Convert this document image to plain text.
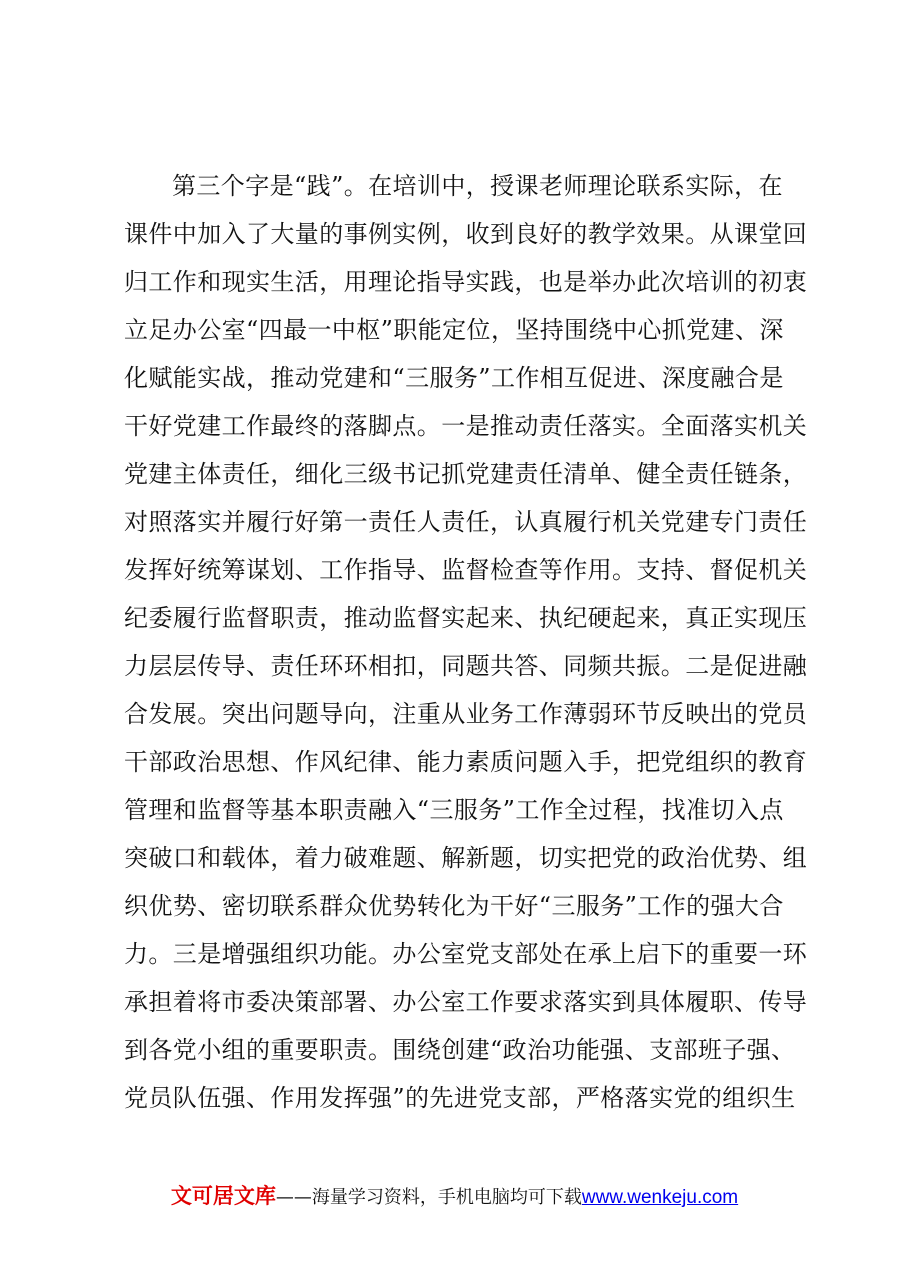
第三个字是“践”。在培训中，授课老师理论联系实际，在
课件中加入了大量的事例实例，收到良好的教学效果。从课堂回
归工作和现实生活，用理论指导实践，也是举办此次培训的初衷
立足办公室“四最一中枢”职能定位，坚持围绕中心抓党建、深
化赋能实战，推动党建和“三服务”工作相互促进、深度融合是
干好党建工作最终的落脚点。一是推动责任落实。全面落实机关
党建主体责任，细化三级书记抓党建责任清单、健全责任链条，
对照落实并履行好第一责任人责任，认真履行机关党建专门责任
发挥好统筹谋划、工作指导、监督检查等作用。支持、督促机关
纪委履行监督职责，推动监督实起来、执纪硬起来，真正实现压
力层层传导、责任环环相扣，同题共答、同频共振。二是促进融
合发展。突出问题导向，注重从业务工作薄弱环节反映出的党员
干部政治思想、作风纪律、能力素质问题入手，把党组织的教育
管理和监督等基本职责融入“三服务”工作全过程，找准切入点
突破口和载体，着力破难题、解新题，切实把党的政治优势、组
织优势、密切联系群众优势转化为干好“三服务”工作的强大合
力。三是增强组织功能。办公室党支部处在承上启下的重要一环
承担着将市委决策部署、办公室工作要求落实到具体履职、传导
到各党小组的重要职责。围绕创建“政治功能强、支部班子强、
党员队伍强、作用发挥强”的先进党支部，严格落实党的组织生
文可居文库——海量学习资料，手机电脑均可下载www.wenkeju.com
